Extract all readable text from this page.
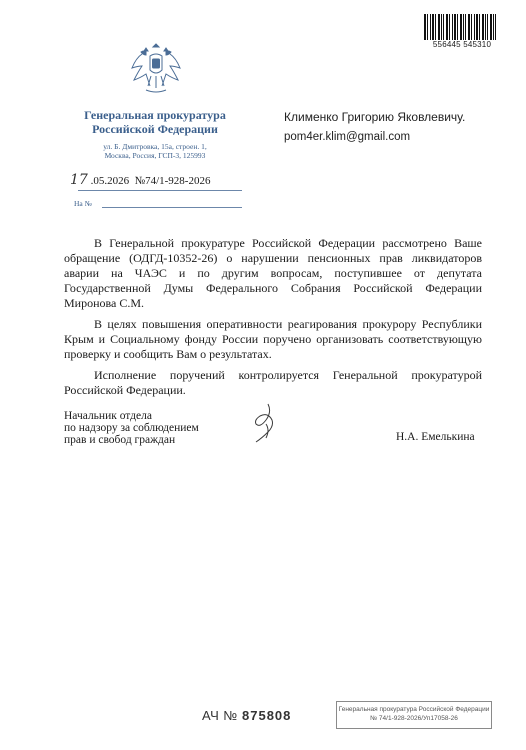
556445 545310
Генеральная прокуратура
Российской Федерации
ул. Б. Дмитровка, 15а, строен. 1,
Москва, Россия, ГСП-3, 125993
17 .05.2026 №74/1-928-2026
На №
Клименко Григорию Яковлевичу.
pom4er.klim@gmail.com

В Генеральной прокуратуре Российской Федерации рассмотрено Ваше обращение (ОДГД-10352-26) о нарушении пенсионных прав ликвидаторов аварии на ЧАЭС и по другим вопросам, поступившее от депутата Государственной Думы Федерального Собрания Российской Федерации Миронова С.М.

В целях повышения оперативности реагирования прокурору Республики Крым и Социальному фонду России поручено организовать соответствующую проверку и сообщить Вам о результатах.

Исполнение поручений контролируется Генеральной прокуратурой Российской Федерации.

Начальник отдела
по надзору за соблюдением
прав и свобод граждан	Н.А. Емелькина
АЧ № 875808	Генеральная прокуратура Российской Федерации
№ 74/1-928-2026/Уп17058-26
